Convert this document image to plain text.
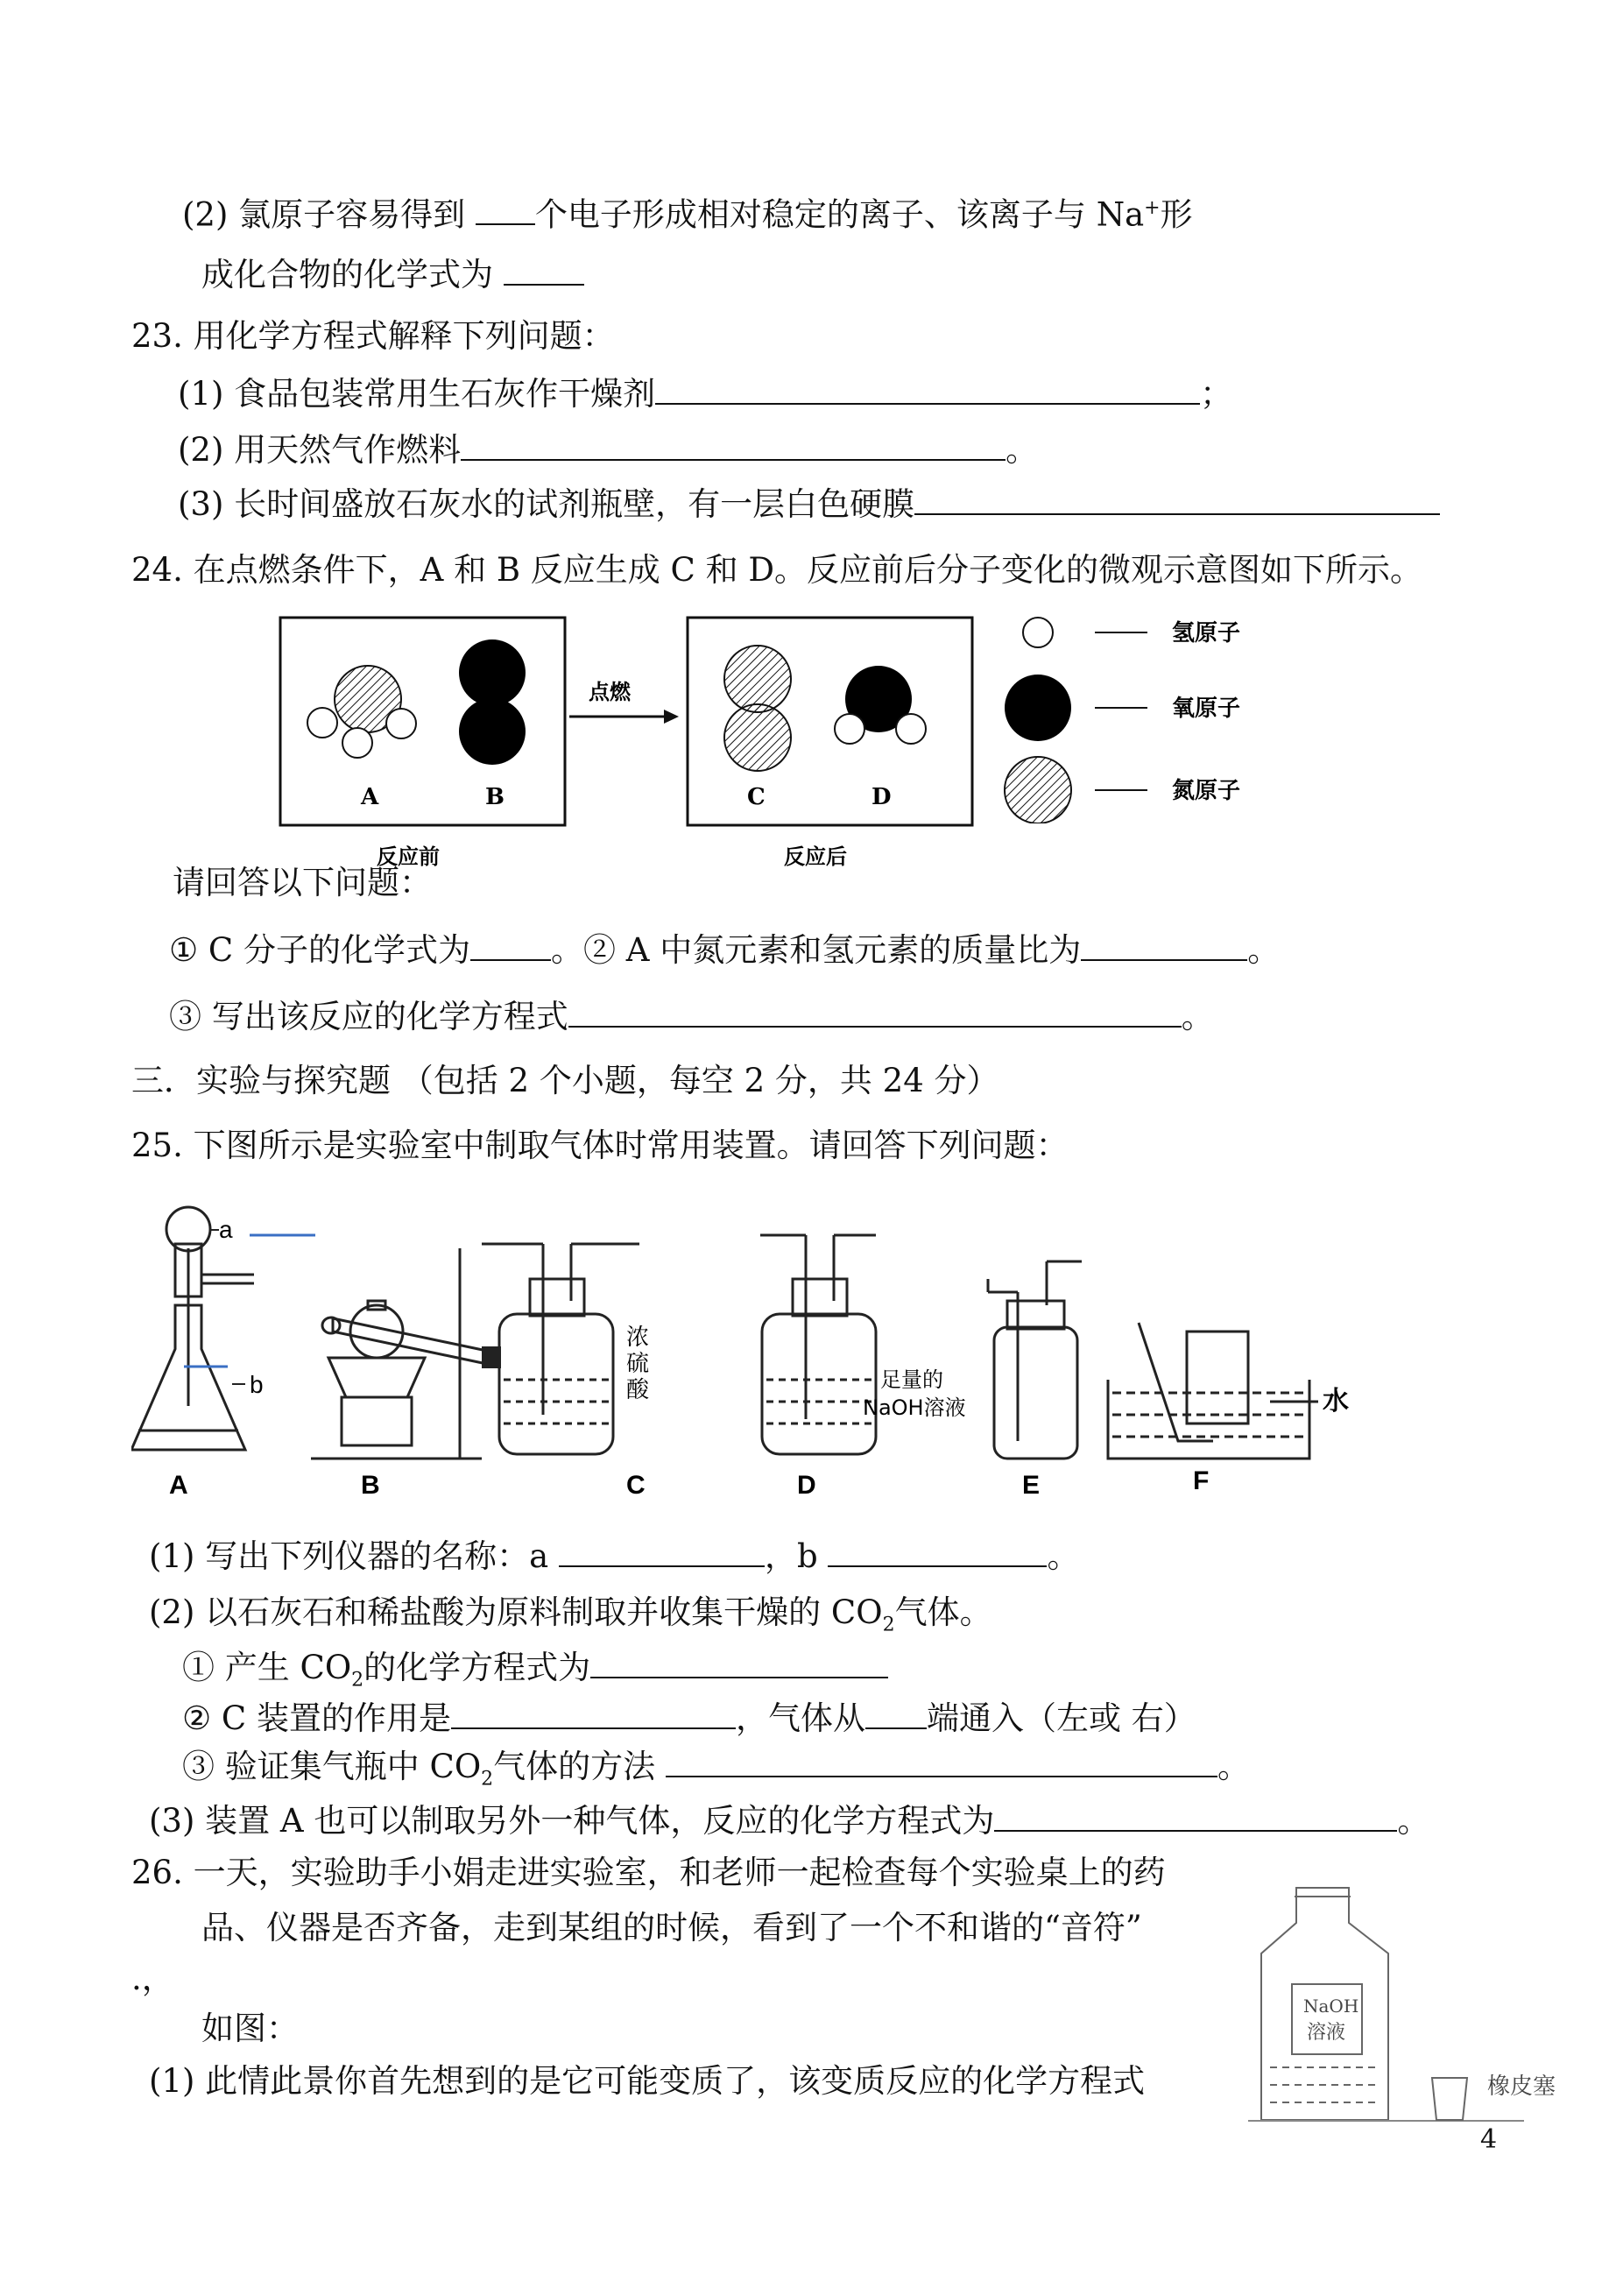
(2) 氯原子容易得到 个电子形成相对稳定的离子、该离子与 Na+形
成化合物的化学式为
23. 用化学方程式解释下列问题：
(1) 食品包装常用生石灰作干燥剂	；
(2) 用天然气作燃料	。
(3) 长时间盛放石灰水的试剂瓶壁，有一层白色硬膜
24. 在点燃条件下，A 和 B 反应生成 C 和 D。反应前后分子变化的微观示意图如下所示。
A	B
点燃
C	D
反应前	反应后
氢原子
氧原子
氮原子
请回答以下问题：
① C 分子的化学式为 。② A 中氮元素和氢元素的质量比为	。
③ 写出该反应的化学方程式	。
三．实验与探究题 （包括 2 个小题，每空 2 分，共 24 分）
25. 下图所示是实验室中制取气体时常用装置。请回答下列问题：
a
b
浓
硫
酸	足量的
NaOH溶液	水
A	B	C	D	E	F
(1) 写出下列仪器的名称：a	，b	。
(2) 以石灰石和稀盐酸为原料制取并收集干燥的 $CO_2$气体。
① 产生 $CO_2$的化学方程式为
② C 装置的作用是	，气体从 端通入（左或 右）
③ 验证集气瓶中 $CO_2$气体的方法	。
(3) 装置 A 也可以制取另外一种气体，反应的化学方程式为	。
26. 一天，实验助手小娟走进实验室，和老师一起检查每个实验桌上的药
品、仪器是否齐备，走到某组的时候，看到了一个不和谐的“音符”
.，
如图：
(1) 此情此景你首先想到的是它可能变质了，该变质反应的化学方程式
NaOH
溶液
橡皮塞
4
